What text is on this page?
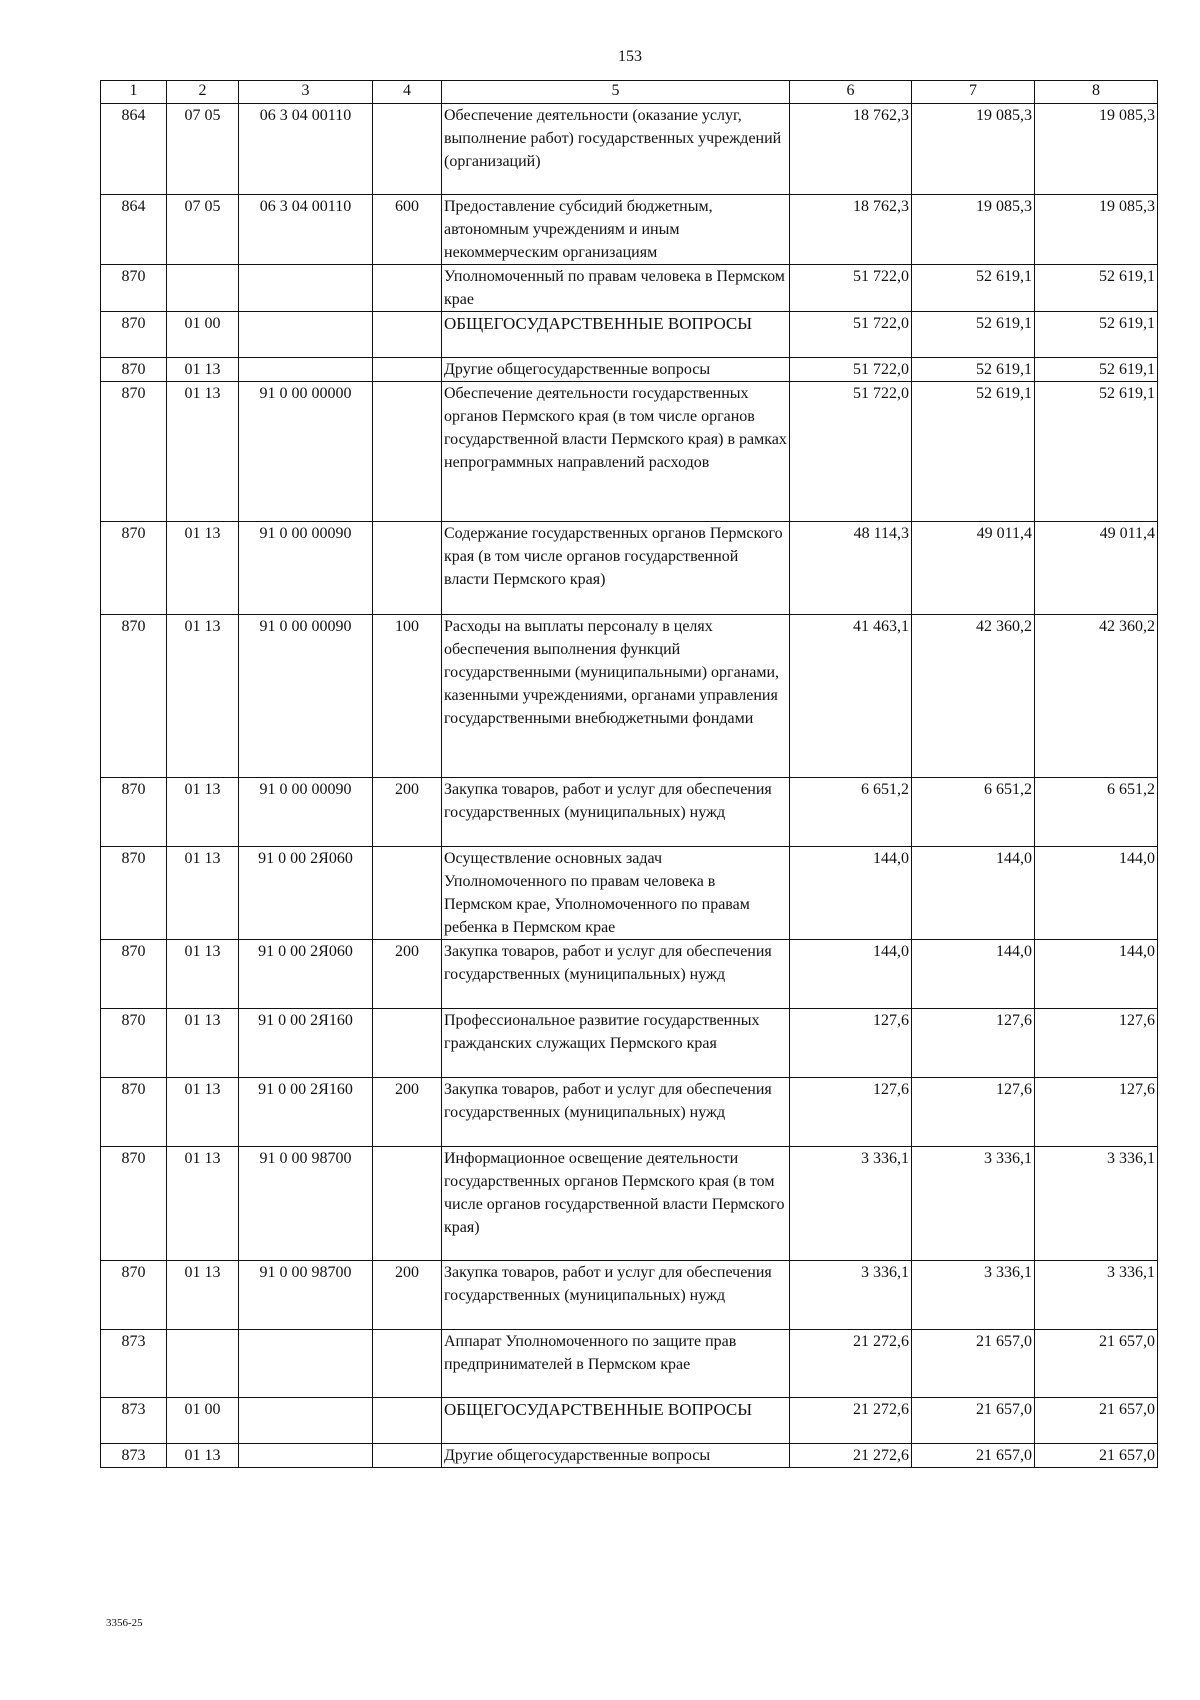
153
1	2	3	4	5	6	7	8
864	07 05	06 3 04 00110		Обеспечение деятельности (оказание услуг, выполнение работ) государственных учреждений (организаций)	18 762,3	19 085,3	19 085,3
864	07 05	06 3 04 00110	600	Предоставление субсидий бюджетным, автономным учреждениям и иным некоммерческим организациям	18 762,3	19 085,3	19 085,3
870				Уполномоченный по правам человека в Пермском крае	51 722,0	52 619,1	52 619,1
870	01 00			ОБЩЕГОСУДАРСТВЕННЫЕ ВОПРОСЫ	51 722,0	52 619,1	52 619,1
870	01 13			Другие общегосударственные вопросы	51 722,0	52 619,1	52 619,1
870	01 13	91 0 00 00000		Обеспечение деятельности государственных органов Пермского края (в том числе органов государственной власти Пермского края) в рамках непрограммных направлений расходов	51 722,0	52 619,1	52 619,1
870	01 13	91 0 00 00090		Содержание государственных органов Пермского края (в том числе органов государственной власти Пермского края)	48 114,3	49 011,4	49 011,4
870	01 13	91 0 00 00090	100	Расходы на выплаты персоналу в целях обеспечения выполнения функций государственными (муниципальными) органами, казенными учреждениями, органами управления государственными внебюджетными фондами	41 463,1	42 360,2	42 360,2
870	01 13	91 0 00 00090	200	Закупка товаров, работ и услуг для обеспечения государственных (муниципальных) нужд	6 651,2	6 651,2	6 651,2
870	01 13	91 0 00 2Я060		Осуществление основных задач Уполномоченного по правам человека в Пермском крае, Уполномоченного по правам ребенка в Пермском крае	144,0	144,0	144,0
870	01 13	91 0 00 2Я060	200	Закупка товаров, работ и услуг для обеспечения государственных (муниципальных) нужд	144,0	144,0	144,0
870	01 13	91 0 00 2Я160		Профессиональное развитие государственных гражданских служащих Пермского края	127,6	127,6	127,6
870	01 13	91 0 00 2Я160	200	Закупка товаров, работ и услуг для обеспечения государственных (муниципальных) нужд	127,6	127,6	127,6
870	01 13	91 0 00 98700		Информационное освещение деятельности государственных органов Пермского края (в том числе органов государственной власти Пермского края)	3 336,1	3 336,1	3 336,1
870	01 13	91 0 00 98700	200	Закупка товаров, работ и услуг для обеспечения государственных (муниципальных) нужд	3 336,1	3 336,1	3 336,1
873				Аппарат Уполномоченного по защите прав предпринимателей в Пермском крае	21 272,6	21 657,0	21 657,0
873	01 00			ОБЩЕГОСУДАРСТВЕННЫЕ ВОПРОСЫ	21 272,6	21 657,0	21 657,0
873	01 13			Другие общегосударственные вопросы	21 272,6	21 657,0	21 657,0
3356-25
